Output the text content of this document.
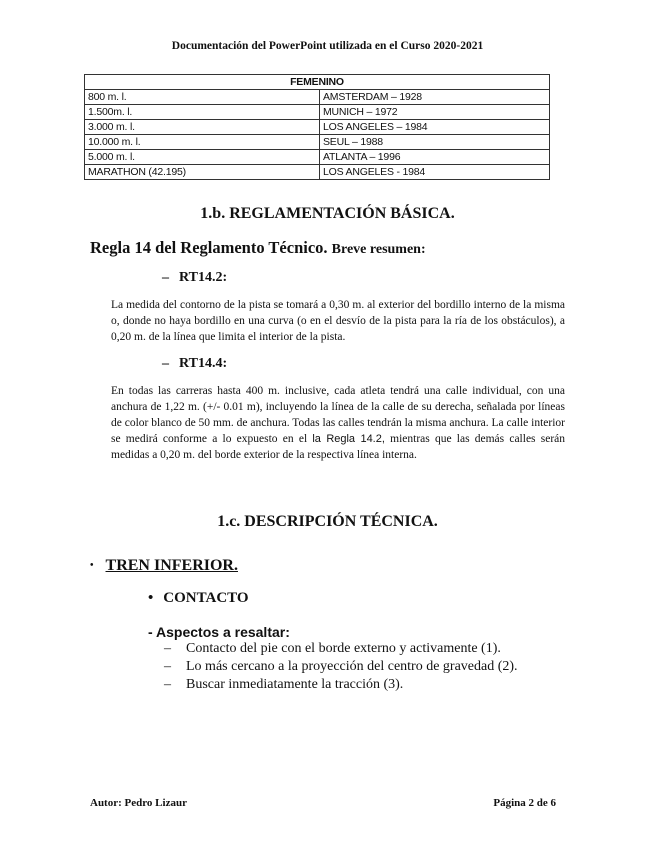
Documentación del PowerPoint utilizada en el Curso 2020-2021
FEMENINO	
800 m. l.	AMSTERDAM – 1928
1.500m. l.	MUNICH – 1972
3.000 m. l.	LOS ANGELES – 1984
10.000 m. l.	SEUL – 1988
5.000 m. l.	ATLANTA – 1996
MARATHON (42.195)	LOS ANGELES - 1984
1.b. REGLAMENTACIÓN BÁSICA.
Regla 14 del Reglamento Técnico. Breve resumen:
– RT14.2:
La medida del contorno de la pista se tomará a 0,30 m. al exterior del bordillo interno de la misma o, donde no haya bordillo en una curva (o en el desvío de la pista para la ría de los obstáculos), a 0,20 m. de la línea que limita el interior de la pista.
– RT14.4:
En todas las carreras hasta 400 m. inclusive, cada atleta tendrá una calle individual, con una anchura de 1,22 m. (+/- 0.01 m), incluyendo la línea de la calle de su derecha, señalada por líneas de color blanco de 50 mm. de anchura. Todas las calles tendrán la misma anchura. La calle interior se medirá conforme a lo expuesto en el la Regla 14.2, mientras que las demás calles serán medidas a 0,20 m. del borde exterior de la respectiva línea interna.
1.c. DESCRIPCIÓN TÉCNICA.
• TREN INFERIOR.
• CONTACTO
- Aspectos a resaltar:
– Contacto del pie con el borde externo y activamente (1).
– Lo más cercano a la proyección del centro de gravedad (2).
– Buscar inmediatamente la tracción (3).
Autor: Pedro Lizaur	Página 2 de 6
